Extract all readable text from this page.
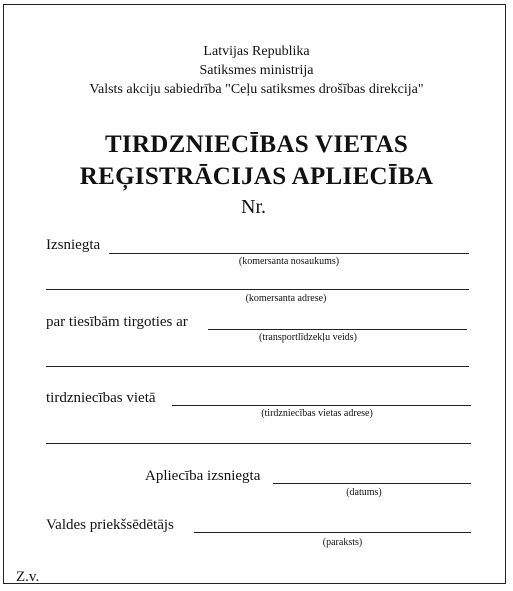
Latvijas Republika
Satiksmes ministrija
Valsts akciju sabiedrība "Ceļu satiksmes drošības direkcija"
TIRDZNIECĪBAS VIETAS
REĢISTRĀCIJAS APLIECĪBA
Nr.
Izsniegta
(komersanta nosaukums)
(komersanta adrese)
par tiesībām tirgoties ar
(transportlīdzekļu veids)
tirdzniecības vietā
(tirdzniecības vietas adrese)
Apliecība izsniegta
(datums)
Valdes priekšsēdētājs
(paraksts)
Z.v.
